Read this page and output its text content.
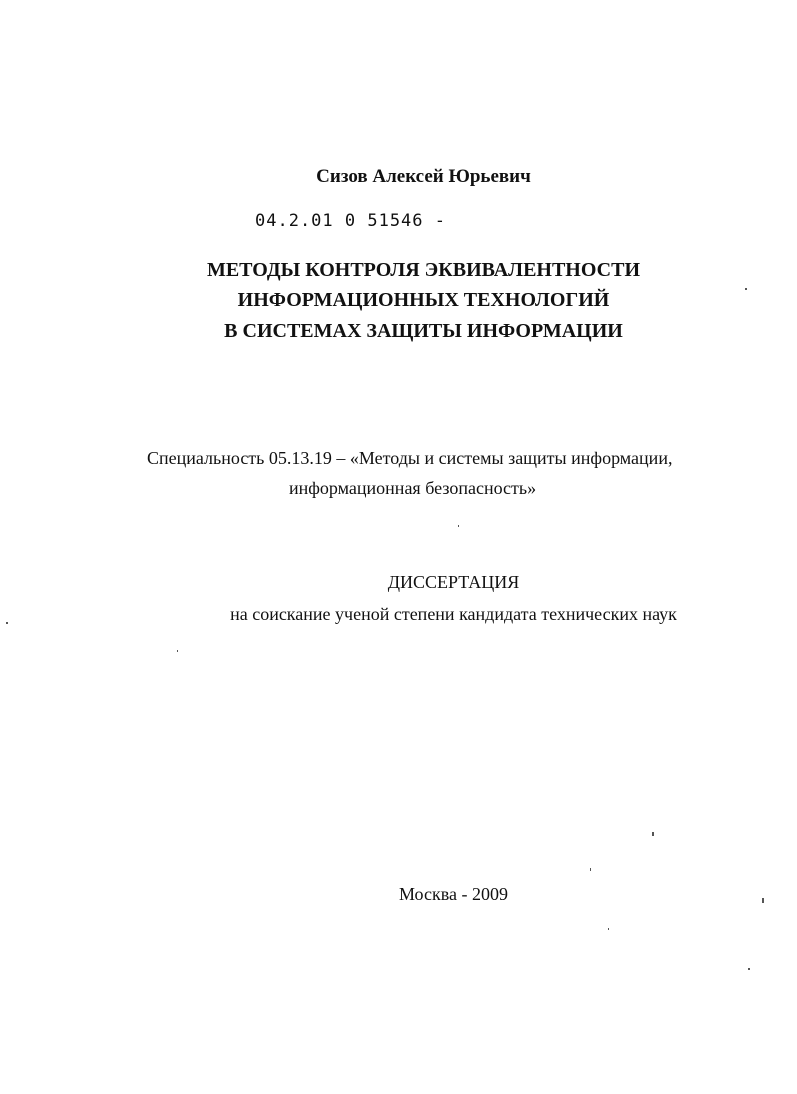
Сизов Алексей Юрьевич
04.2.01 0 51546 -
МЕТОДЫ КОНТРОЛЯ ЭКВИВАЛЕНТНОСТИ
ИНФОРМАЦИОННЫХ ТЕХНОЛОГИЙ
В СИСТЕМАХ ЗАЩИТЫ ИНФОРМАЦИИ
Специальность 05.13.19 – «Методы и системы защиты информации,
информационная безопасность»
ДИССЕРТАЦИЯ
на соискание ученой степени кандидата технических наук
Москва - 2009
